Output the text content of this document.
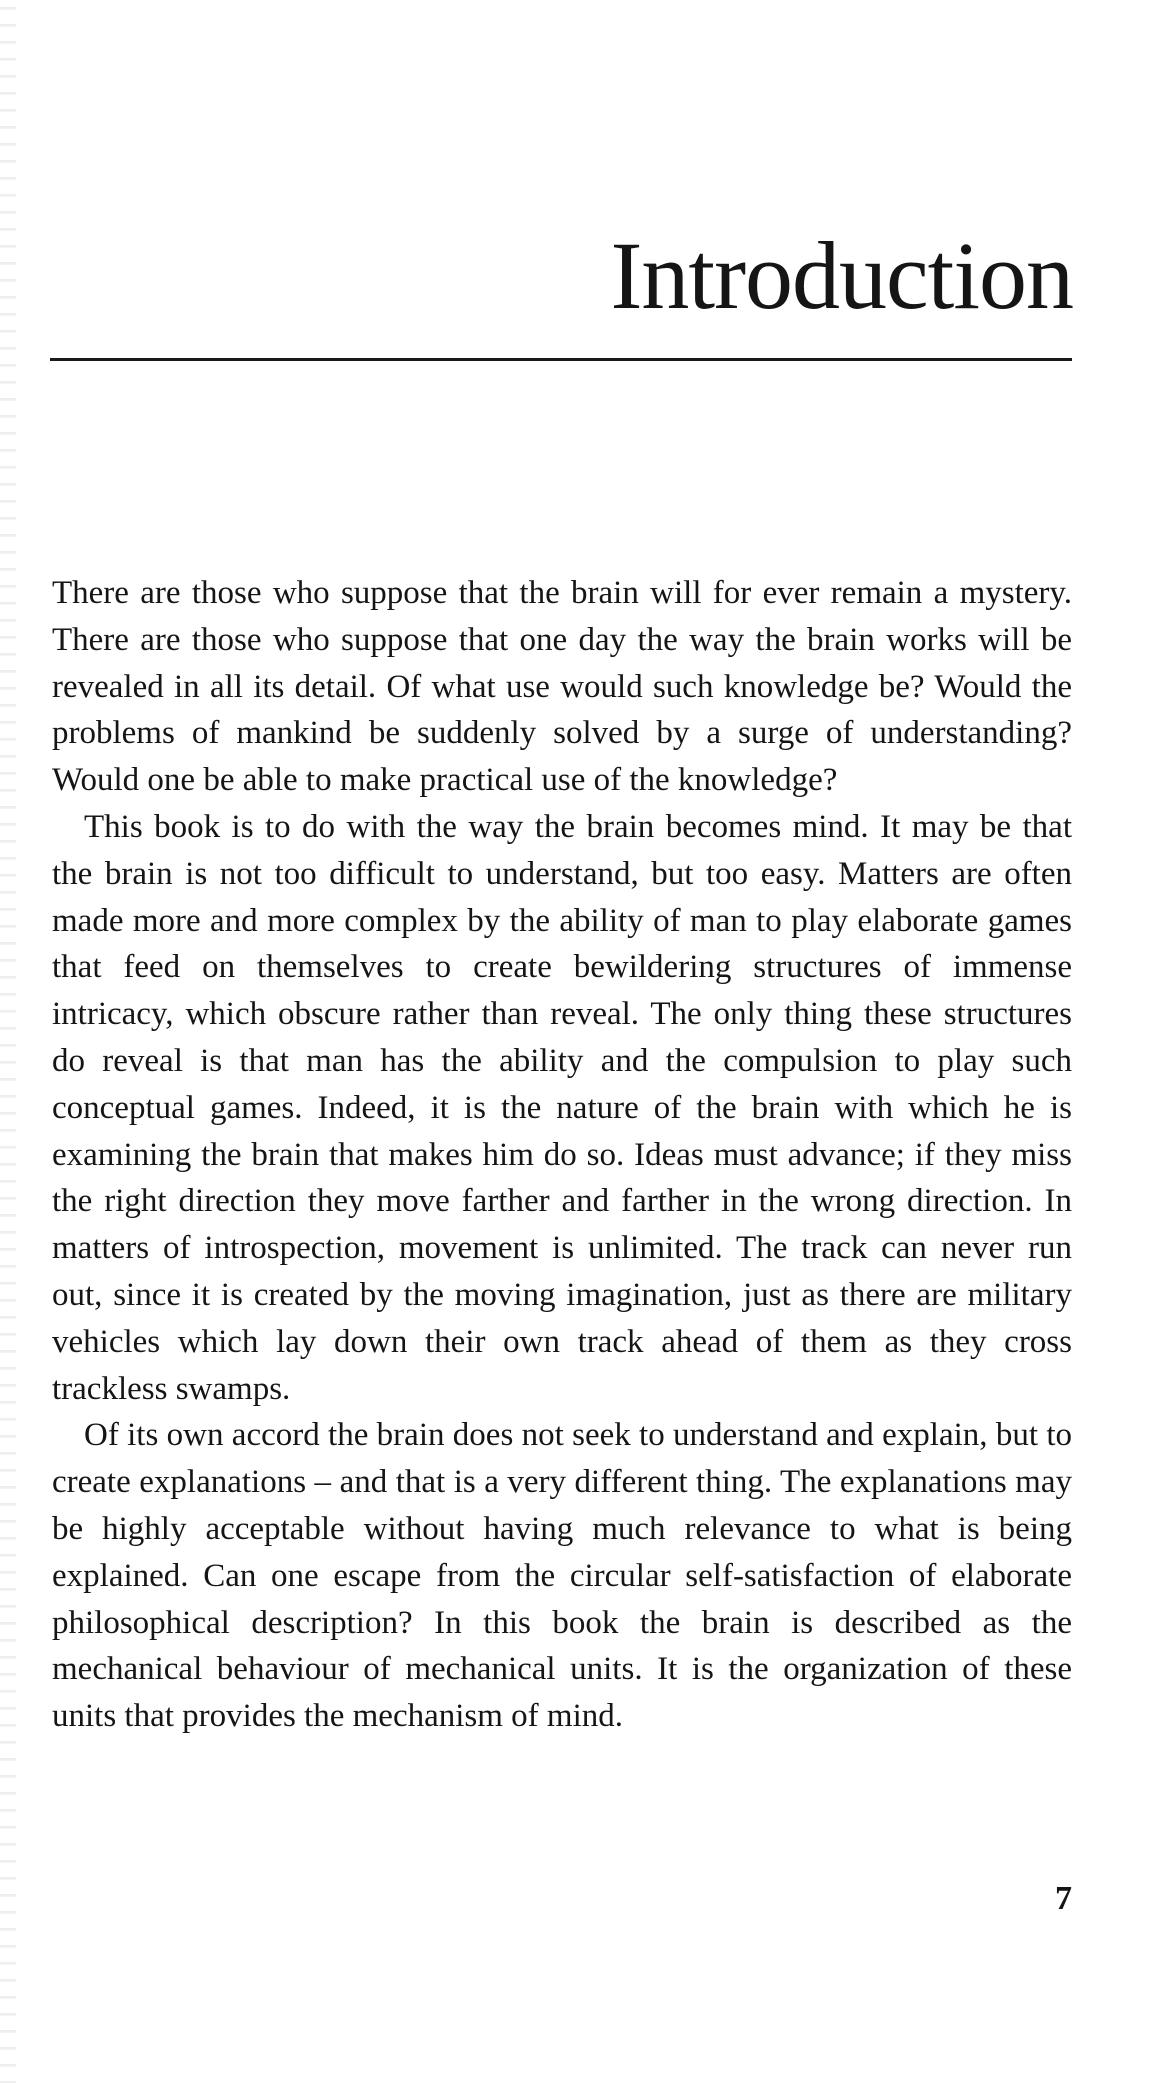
Introduction

There are those who suppose that the brain will for ever remain a mystery. There are those who suppose that one day the way the brain works will be revealed in all its detail. Of what use would such knowledge be? Would the problems of mankind be suddenly solved by a surge of understanding? Would one be able to make practical use of the knowledge?

This book is to do with the way the brain becomes mind. It may be that the brain is not too difficult to understand, but too easy. Matters are often made more and more complex by the ability of man to play elaborate games that feed on themselves to create bewildering structures of immense intricacy, which obscure rather than reveal. The only thing these structures do reveal is that man has the ability and the compulsion to play such conceptual games. Indeed, it is the nature of the brain with which he is examining the brain that makes him do so. Ideas must advance; if they miss the right direction they move farther and farther in the wrong direction. In matters of introspection, movement is unlimited. The track can never run out, since it is created by the moving imagination, just as there are military vehicles which lay down their own track ahead of them as they cross trackless swamps.

Of its own accord the brain does not seek to understand and explain, but to create explanations – and that is a very different thing. The explanations may be highly acceptable without having much relevance to what is being explained. Can one escape from the circular self-satisfaction of elaborate philosophical description? In this book the brain is described as the mechanical behaviour of mechanical units. It is the organization of these units that provides the mechanism of mind.

7
